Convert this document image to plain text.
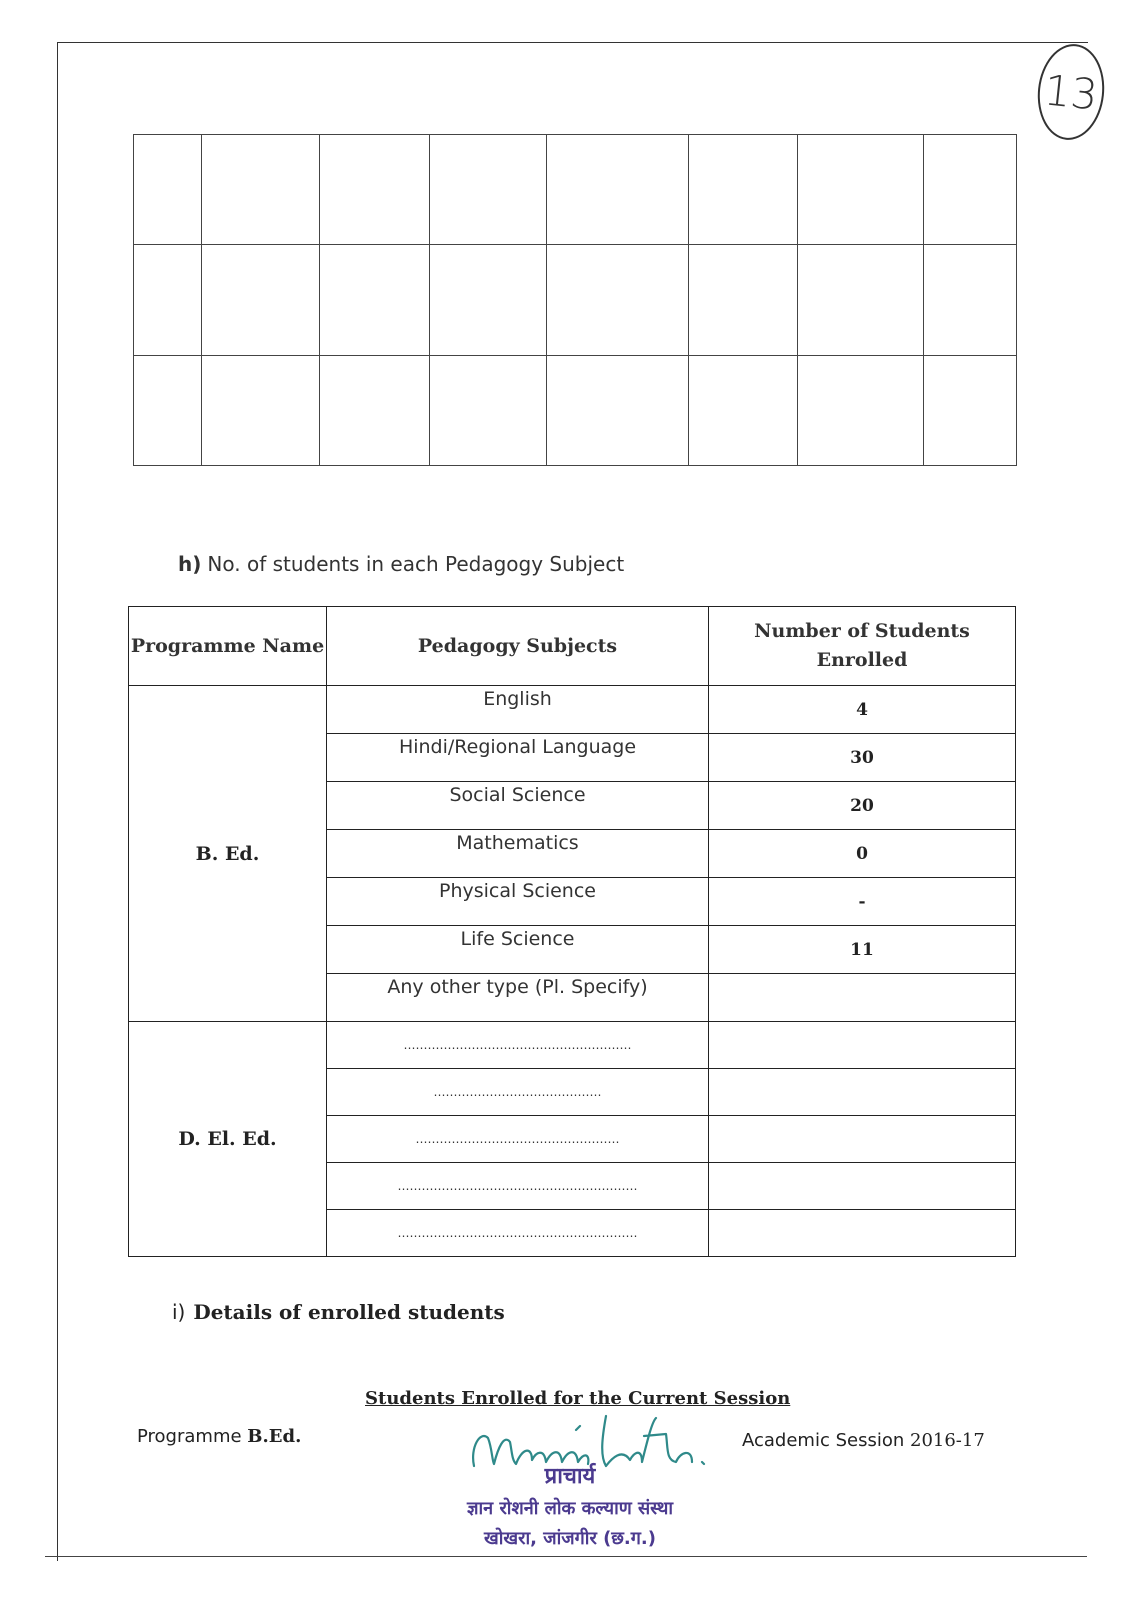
13

h) No. of students in each Pedagogy Subject
Programme Name	Pedagogy Subjects	Number of Students Enrolled
B. Ed.	English	4
	Hindi/Regional Language	30
	Social Science	20
	Mathematics	0
	Physical Science	-
	Life Science	11
	Any other type (Pl. Specify)	
D. El. Ed.	…………………………………………………	
	……………………………………	
	……………………………………………	
	……………………………………………………	
	……………………………………………………	
i) Details of enrolled students
Students Enrolled for the Current Session
Programme B.Ed.	Academic Session 2016-17
प्राचार्य
ज्ञान रोशनी लोक कल्याण संस्था
खोखरा, जांजगीर (छ.ग.)
